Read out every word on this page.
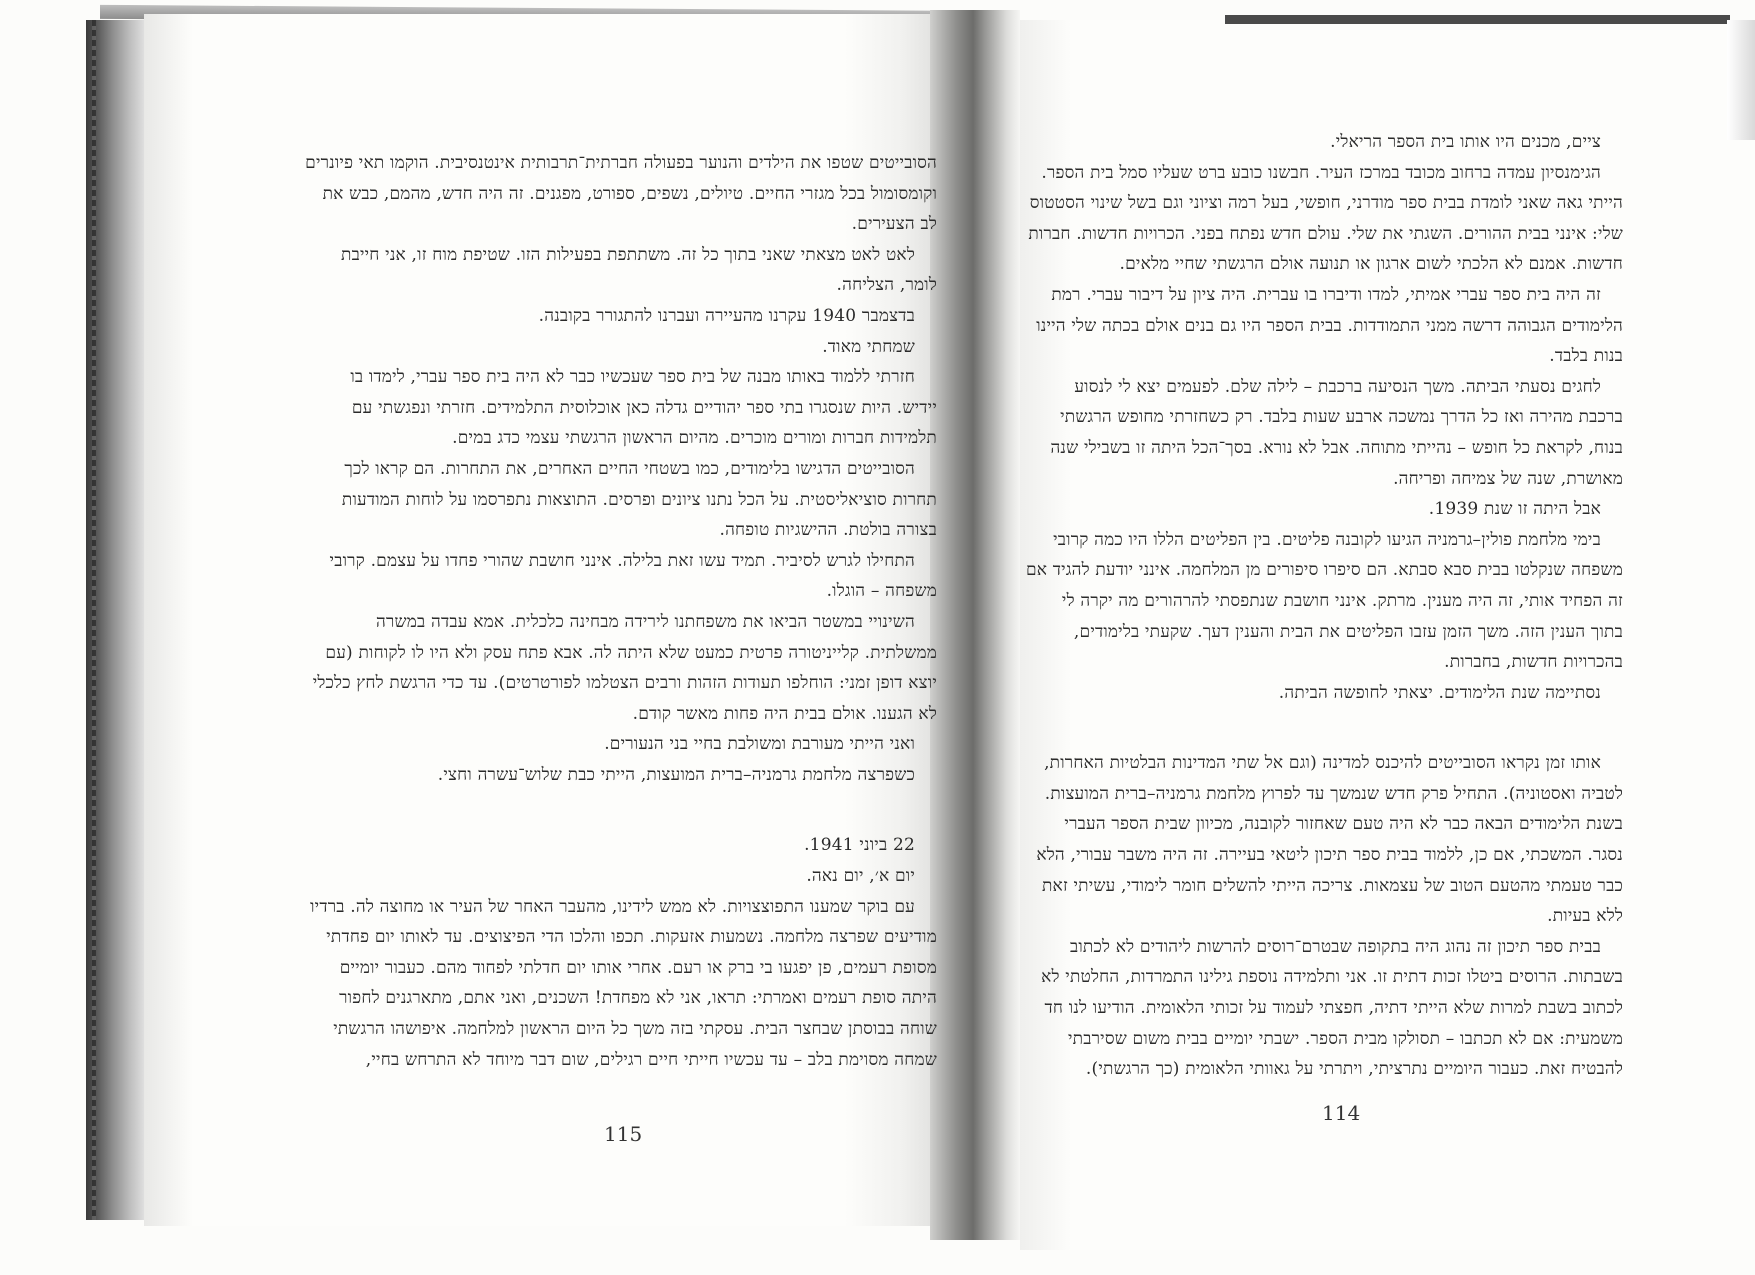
הסובייטים שטפו את הילדים והנוער בפעולה חברתית־תרבותית אינטנסיבית. הוקמו תאי פיונרים וקומסומול בכל מגזרי החיים. טיולים, נשפים, ספורט, מפגנים. זה היה חדש, מהמם, כבש את לב הצעירים.

לאט לאט מצאתי שאני בתוך כל זה. משתתפת בפעילות הזו. שטיפת מוח זו, אני חייבת לומר, הצליחה.

בדצמבר 1940 עקרנו מהעיירה ועברנו להתגורר בקובנה.

שמחתי מאוד.

חזרתי ללמוד באותו מבנה של בית ספר שעכשיו כבר לא היה בית ספר עברי, לימדו בו יידיש. היות שנסגרו בתי ספר יהודיים גדלה כאן אוכלוסית התלמידים. חזרתי ונפגשתי עם תלמידות חברות ומורים מוכרים. מהיום הראשון הרגשתי עצמי כדג במים.

הסובייטים הדגישו בלימודים, כמו בשטחי החיים האחרים, את התחרות. הם קראו לכך תחרות סוציאליסטית. על הכל נתנו ציונים ופרסים. התוצאות נתפרסמו על לוחות המודעות בצורה בולטת. ההישגיות טופחה.

התחילו לגרש לסיביר. תמיד עשו זאת בלילה. אינני חושבת שהורי פחדו על עצמם. קרובי משפחה – הוגלו.

השינויי במשטר הביאו את משפחתנו לירידה מבחינה כלכלית. אמא עבדה במשרה ממשלתית. קלייניטורה פרטית כמעט שלא היתה לה. אבא פתח עסק ולא היו לו לקוחות (עם יוצא דופן זמני: הוחלפו תעודות הזהות ורבים הצטלמו לפורטרטים). עד כדי הרגשת לחץ כלכלי לא הגענו. אולם בבית היה פחות מאשר קודם.

ואני הייתי מעורבת ומשולבת בחיי בני הנעורים.

כשפרצה מלחמת גרמניה–ברית המועצות, הייתי כבת שלוש־עשרה וחצי.

22 ביוני 1941.

יום א׳, יום נאה.

עם בוקר שמענו התפוצצויות. לא ממש לידינו, מהעבר האחר של העיר או מחוצה לה. ברדיו מודיעים שפרצה מלחמה. נשמעות אזעקות. תכפו והלכו הדי הפיצוצים. עד לאותו יום פחדתי מסופת רעמים, פן יפגעו בי ברק או רעם. אחרי אותו יום חדלתי לפחוד מהם. כעבור יומיים היתה סופת רעמים ואמרתי: תראו, אני לא מפחדת! השכנים, ואני אתם, מתארגנים לחפור שוחה בבוסתן שבחצר הבית. עסקתי בזה משך כל היום הראשון למלחמה. איפושהו הרגשתי שמחה מסוימת בלב – עד עכשיו חייתי חיים רגילים, שום דבר מיוחד לא התרחש בחיי,

115

ציים, מכנים היו אותו בית הספר הריאלי.

הגימנסיון עמדה ברחוב מכובד במרכז העיר. חבשנו כובע ברט שעליו סמל בית הספר. הייתי גאה שאני לומדת בבית ספר מודרני, חופשי, בעל רמה וציוני וגם בשל שינוי הסטטוס שלי: אינני בבית ההורים. השגתי את שלי. עולם חדש נפתח בפני. הכרויות חדשות. חברות חדשות. אמנם לא הלכתי לשום ארגון או תנועה אולם הרגשתי שחיי מלאים.

זה היה בית ספר עברי אמיתי, למדו ודיברו בו עברית. היה ציון על דיבור עברי. רמת הלימודים הגבוהה דרשה ממני התמודדות. בבית הספר היו גם בנים אולם בכתה שלי היינו בנות בלבד.

לחגים נסעתי הביתה. משך הנסיעה ברכבת – לילה שלם. לפעמים יצא לי לנסוע ברכבת מהירה ואז כל הדרך נמשכה ארבע שעות בלבד. רק כשחזרתי מחופש הרגשתי בנוח, לקראת כל חופש – נהייתי מתוחה. אבל לא נורא. בסך־הכל היתה זו בשבילי שנה מאושרת, שנה של צמיחה ופריחה.

אבל היתה זו שנת 1939.

בימי מלחמת פולין–גרמניה הגיעו לקובנה פליטים. בין הפליטים הללו היו כמה קרובי משפחה שנקלטו בבית סבא סבתא. הם סיפרו סיפורים מן המלחמה. אינני יודעת להגיד אם זה הפחיד אותי, זה היה מענין. מרתק. אינני חושבת שנתפסתי להרהורים מה יקרה לי בתוך הענין הזה. משך הזמן עזבו הפליטים את הבית והענין דעך. שקעתי בלימודים, בהכרויות חדשות, בחברות.

נסתיימה שנת הלימודים. יצאתי לחופשה הביתה.

אותו זמן נקראו הסובייטים להיכנס למדינה (וגם אל שתי המדינות הבלטיות האחרות, לטביה ואסטוניה). התחיל פרק חדש שנמשך עד לפרוץ מלחמת גרמניה–ברית המועצות. בשנת הלימודים הבאה כבר לא היה טעם שאחזור לקובנה, מכיוון שבית הספר העברי נסגר. המשכתי, אם כן, ללמוד בבית ספר תיכון ליטאי בעיירה. זה היה משבר עבורי, הלא כבר טעמתי מהטעם הטוב של עצמאות. צריכה הייתי להשלים חומר לימודי, עשיתי זאת ללא בעיות.

בבית ספר תיכון זה נהוג היה בתקופה שבטרם־רוסים להרשות ליהודים לא לכתוב בשבתות. הרוסים ביטלו זכות דתית זו. אני ותלמידה נוספת גילינו התמרדות, החלטתי לא לכתוב בשבת למרות שלא הייתי דתיה, חפצתי לעמוד על זכותי הלאומית. הודיעו לנו חד משמעית: אם לא תכתבו – תסולקו מבית הספר. ישבתי יומיים בבית משום שסירבתי להבטיח זאת. כעבור היומיים נתרציתי, ויתרתי על גאוותי הלאומית (כך הרגשתי).

114
